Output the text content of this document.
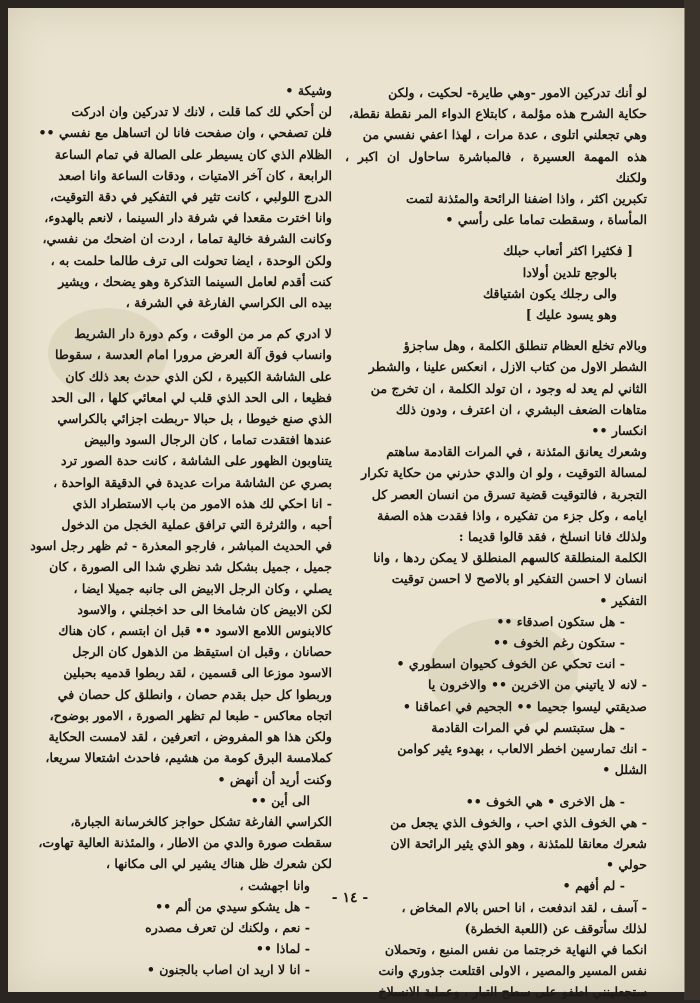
لو أنك تدركين الامور -وهي طايرة- لحكيت ، ولكن

حكاية الشرح هذه مؤلمة ، كابتلاع الدواء المر نقطة نقطة،

وهي تجعلني اتلوى ، عدة مرات ، لهذا اعفي نفسي من

هذه المهمة العسيرة ، فالمباشرة ساحاول ان اكبر ، ولكنك

تكبرين اكثر ، واذا اضفنا الرائحة والمئذنة لتمت

المأساة ، وسقطت تماما على رأسي •

[ فكثيرا اكثر أتعاب حبلك

بالوجع تلدين أولادا

والى رجلك يكون اشتياقك

وهو يسود عليك ]

وبالام تخلع العظام تنطلق الكلمة ، وهل ساجزؤ

الشطر الاول من كتاب الازل ، انعكس علينا ، والشطر

الثاني لم يعد له وجود ، ان تولد الكلمة ، ان تخرج من

متاهات الضعف البشري ، ان اعترف ، ودون ذلك

انكسار ••

وشعرك يعانق المئذنة ، في المرات القادمة ساهتم

لمسالة التوقيت ، ولو ان والدي حذرني من حكاية تكرار

التجربة ، فالتوقيت قضية تسرق من انسان العصر كل

ايامه ، وكل جزء من تفكيره ، واذا فقدت هذه الصفة

ولذلك فانا انسلخ ، فقد قالوا قديما :

الكلمة المنطلقة كالسهم المنطلق لا يمكن ردها ، وانا

انسان لا احسن التفكير او بالاصح لا احسن توقيت

التفكير •

- هل ستكون اصدقاء ••

- ستكون رغم الخوف ••

- انت تحكي عن الخوف كحيوان اسطوري •

- لانه لا ياتيني من الاخرين •• والاخرون يا

صديقتي ليسوا جحيما •• الجحيم في اعماقنا •

- هل ستبتسم لي في المرات القادمة

- انك تمارسين اخطر الالعاب ، بهدوء يثير كوامن

الشلل •

- هل الاخرى • هي الخوف ••

- هي الخوف الذي احب ، والخوف الذي يجعل من

شعرك معانقا للمئذنة ، وهو الذي يثير الرائحة الان

حولي •

- لم أفهم •

- آسف ، لقد اندفعت ، انا احس بالام المخاض ،

لذلك سأتوقف عن (اللعبة الخطرة)

انكما في النهاية خرجتما من نفس المنبع ، وتحملان

نفس المسير والمصير ، الاولى اقتلعت جذوري وانت

ستجعلينني اطفو على سطح التيار ، وعملية الانسلاخ

وشيكة •

لن أحكي لك كما قلت ، لانك لا تدركين وان ادركت

فلن تصفحي ، وان صفحت فانا لن اتساهل مع نفسي ••

الظلام الذي كان يسيطر على الصالة في تمام الساعة

الرابعة ، كان آخر الامتيات ، ودقات الساعة وانا اصعد

الدرج اللولبي ، كانت تثير في التفكير في دقة التوقيت،

وانا اخترت مقعدا في شرفة دار السينما ، لانعم بالهدوء،

وكانت الشرفة خالية تماما ، اردت ان اضحك من نفسي،

ولكن الوحدة ، ايضا تحولت الى ترف طالما حلمت به ،

كنت أقدم لعامل السينما التذكرة وهو يضحك ، ويشير

بيده الى الكراسي الفارغة في الشرفة ،

لا ادري كم مر من الوقت ، وكم دورة دار الشريط

وانساب فوق آلة العرض مرورا امام العدسة ، سقوطا

على الشاشة الكبيرة ، لكن الذي حدث بعد ذلك كان

فظيعا ، الى الحد الذي قلب لي امعائي كلها ، الى الحد

الذي صنع خيوطا ، بل حبالا -ربطت اجزائي بالكراسي

عندها افتقدت تماما ، كان الرجال السود والبيض

يتناوبون الظهور على الشاشة ، كانت حدة الصور ترد

بصري عن الشاشة مرات عديدة في الدقيقة الواحدة ،

- انا احكي لك هذه الامور من باب الاستطراد الذي

أحبه ، والثرثرة التي ترافق عملية الخجل من الدخول

في الحديث المباشر ، فارجو المعذرة - ثم ظهر رجل اسود

جميل ، جميل بشكل شد نظري شدا الى الصورة ، كان

يصلي ، وكان الرجل الابيض الى جانبه جميلا ايضا ،

لكن الابيض كان شامخا الى حد اخجلني ، والاسود

كالابنوس اللامع الاسود •• قبل ان ابتسم ، كان هناك

حصانان ، وقبل ان استيقظ من الذهول كان الرجل

الاسود موزعا الى قسمين ، لقد ربطوا قدميه بحبلين

وربطوا كل حبل بقدم حصان ، وانطلق كل حصان في

اتجاه معاكس - طبعا لم تظهر الصورة ، الامور بوضوح،

ولكن هذا هو المفروض ، اتعرفين ، لقد لامست الحكاية

كملامسة البرق كومة من هشيم، فاحدث اشتعالا سريعا،

وكنت أريد أن أنهض •

الى أين ••

الكراسي الفارغة تشكل حواجز كالخرسانة الجبارة،

سقطت صورة والدي من الاطار ، والمئذنة العالية تهاوت،

لكن شعرك ظل هناك يشير لي الى مكانها ،

وانا اجهشت ،

- هل يشكو سيدي من ألم ••

- نعم ، ولكنك لن تعرف مصدره

- لماذا ••

- انا لا اريد ان اصاب بالجنون •

- ١٤ -
